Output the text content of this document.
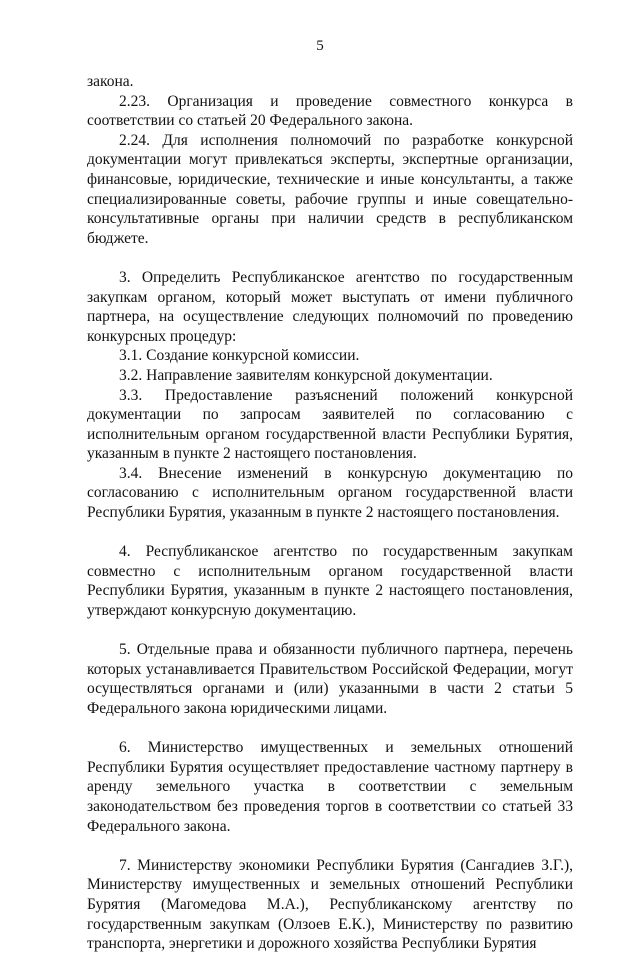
5

закона.

2.23. Организация и проведение совместного конкурса в соответствии со статьей 20 Федерального закона.

2.24. Для исполнения полномочий по разработке конкурсной документации могут привлекаться эксперты, экспертные организации, финансовые, юридические, технические и иные консультанты, а также специализированные советы, рабочие группы и иные совещательно-консультативные органы при наличии средств в республиканском бюджете.

3. Определить Республиканское агентство по государственным закупкам органом, который может выступать от имени публичного партнера, на осуществление следующих полномочий по проведению конкурсных процедур:

3.1. Создание конкурсной комиссии.

3.2. Направление заявителям конкурсной документации.

3.3. Предоставление разъяснений положений конкурсной документации по запросам заявителей по согласованию с исполнительным органом государственной власти Республики Бурятия, указанным в пункте 2 настоящего постановления.

3.4. Внесение изменений в конкурсную документацию по согласованию с исполнительным органом государственной власти Республики Бурятия, указанным в пункте 2 настоящего постановления.

4. Республиканское агентство по государственным закупкам совместно с исполнительным органом государственной власти Республики Бурятия, указанным в пункте 2 настоящего постановления, утверждают конкурсную документацию.

5. Отдельные права и обязанности публичного партнера, перечень которых устанавливается Правительством Российской Федерации, могут осуществляться органами и (или) указанными в части 2 статьи 5 Федерального закона юридическими лицами.

6. Министерство имущественных и земельных отношений Республики Бурятия осуществляет предоставление частному партнеру в аренду земельного участка в соответствии с земельным законодательством без проведения торгов в соответствии со статьей 33 Федерального закона.

7. Министерству экономики Республики Бурятия (Сангадиев З.Г.), Министерству имущественных и земельных отношений Республики Бурятия (Магомедова М.А.), Республиканскому агентству по государственным закупкам (Олзоев Е.К.), Министерству по развитию транспорта, энергетики и дорожного хозяйства Республики Бурятия
